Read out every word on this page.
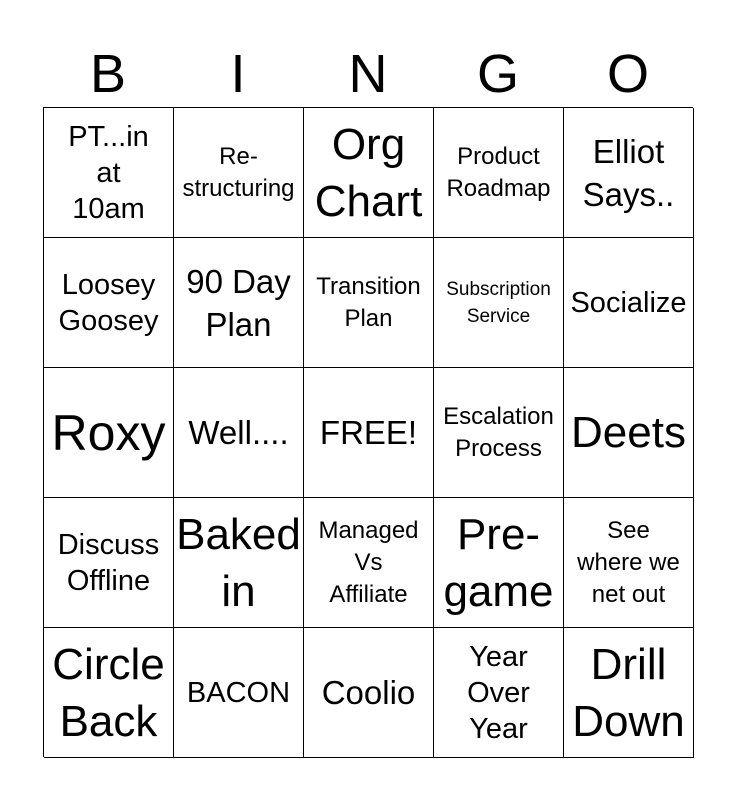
B	I	N	G	O
PT...in
at
10am
Re-
structuring
Org
Chart
Product
Roadmap
Elliot
Says..
Loosey
Goosey
90 Day
Plan
Transition
Plan
Subscription
Service	Socialize
Roxy Well.... FREE!	Escalation
Process Deets
Discuss
Offline
Baked
in
Managed
Vs
Affiliate
Pre-
game
See
where we
net out
Circle
Back
BACON Coolio
Year
Over
Year
Drill
Down
